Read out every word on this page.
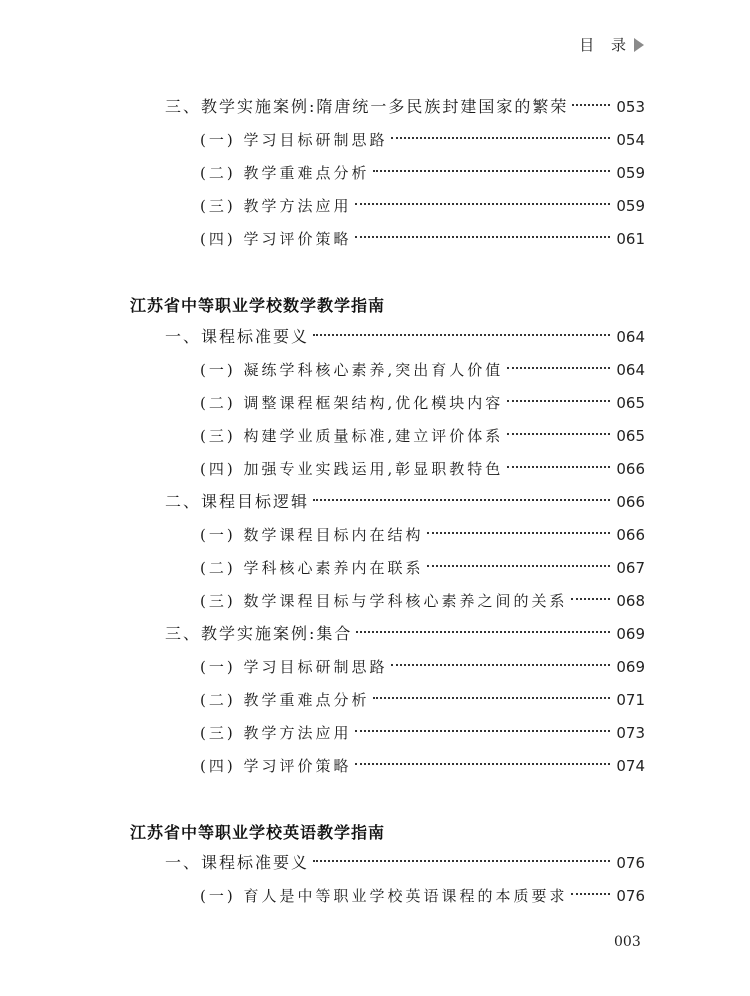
目 录
三、教学实施案例:隋唐统一多民族封建国家的繁荣	053
(一) 学习目标研制思路	054
(二) 教学重难点分析	059
(三) 教学方法应用	059
(四) 学习评价策略	061
江苏省中等职业学校数学教学指南
一、课程标准要义	064
(一) 凝练学科核心素养,突出育人价值	064
(二) 调整课程框架结构,优化模块内容	065
(三) 构建学业质量标准,建立评价体系	065
(四) 加强专业实践运用,彰显职教特色	066
二、课程目标逻辑	066
(一) 数学课程目标内在结构	066
(二) 学科核心素养内在联系	067
(三) 数学课程目标与学科核心素养之间的关系	068
三、教学实施案例:集合	069
(一) 学习目标研制思路	069
(二) 教学重难点分析	071
(三) 教学方法应用	073
(四) 学习评价策略	074
江苏省中等职业学校英语教学指南
一、课程标准要义	076
(一) 育人是中等职业学校英语课程的本质要求	076
003
